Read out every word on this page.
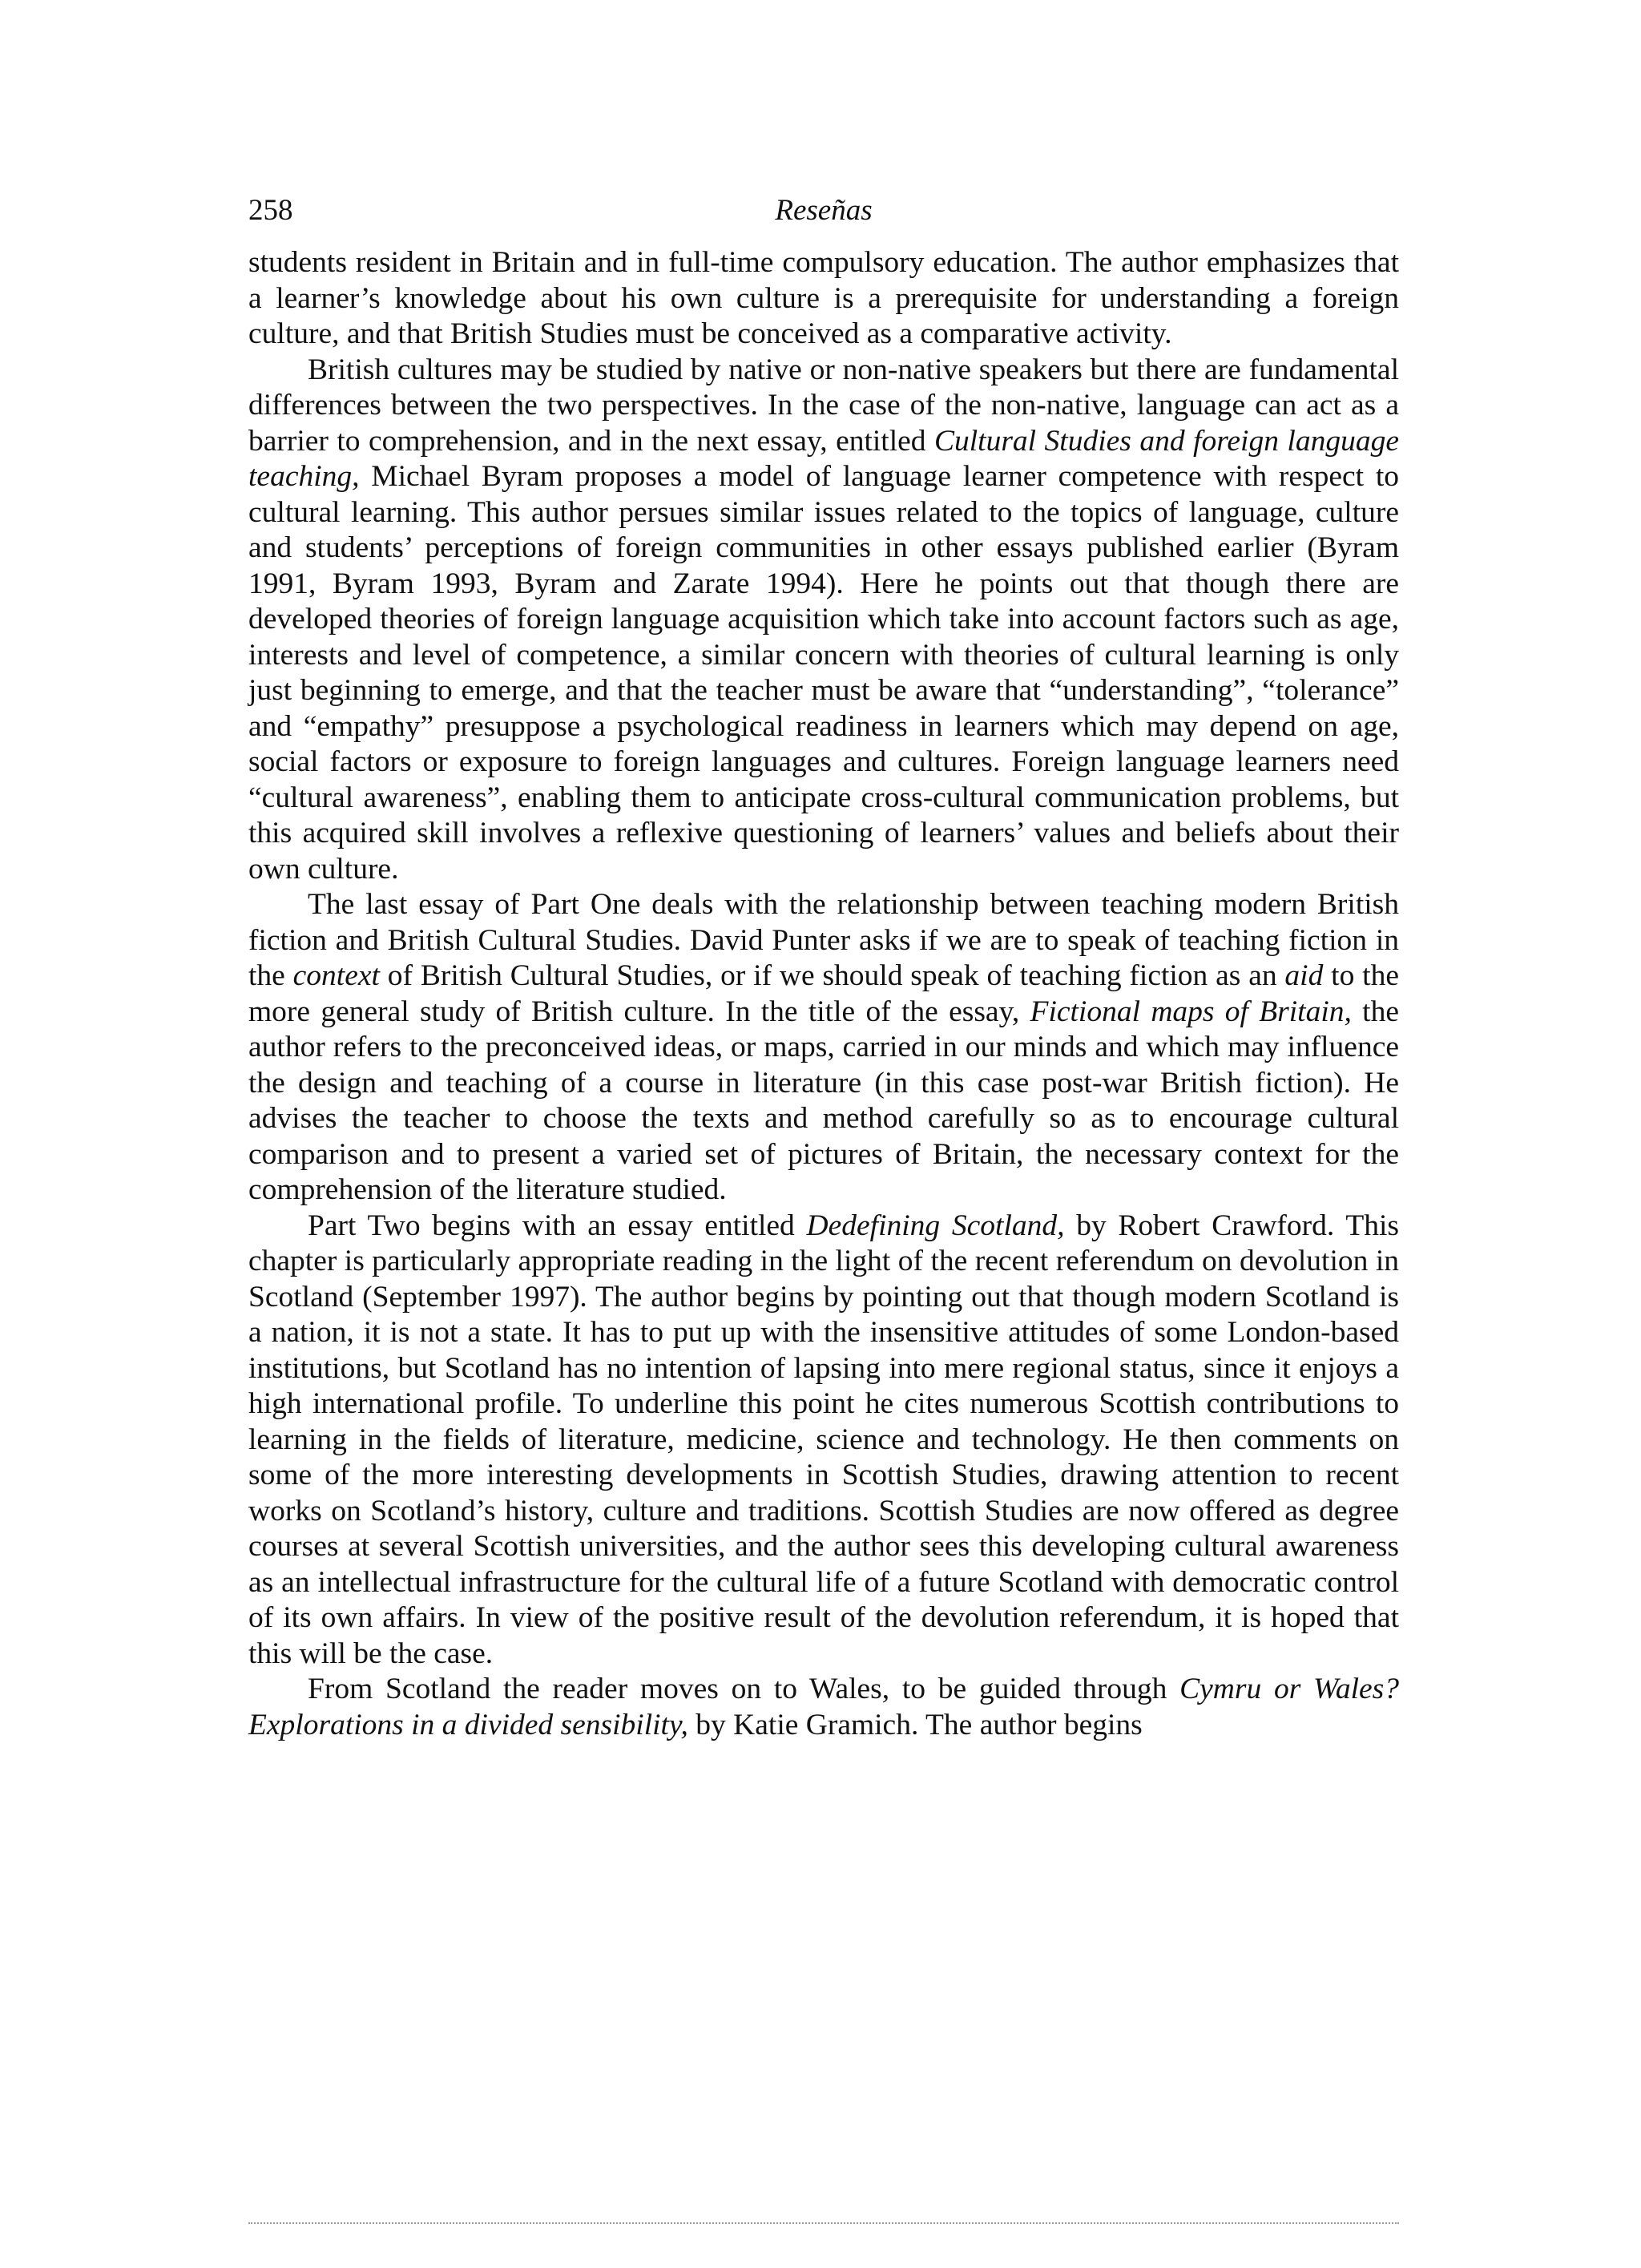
258	Reseñas

students resident in Britain and in full-time compulsory education. The author emphasizes that a learner’s knowledge about his own culture is a prerequisite for understanding a foreign culture, and that British Studies must be conceived as a comparative activity.

British cultures may be studied by native or non-native speakers but there are fundamental differences between the two perspectives. In the case of the non-native, language can act as a barrier to comprehension, and in the next essay, entitled Cultural Studies and foreign language teaching, Michael Byram proposes a model of language learner competence with respect to cultural learning. This author persues similar issues related to the topics of language, culture and students’ perceptions of foreign communities in other essays published earlier (Byram 1991, Byram 1993, Byram and Zarate 1994). Here he points out that though there are developed theories of foreign language acquisition which take into account factors such as age, interests and level of competence, a similar concern with theories of cultural learning is only just beginning to emerge, and that the teacher must be aware that “understanding”, “tolerance” and “empathy” presuppose a psychological readiness in learners which may depend on age, social factors or exposure to foreign languages and cultures. Foreign language learners need “cultural awareness”, enabling them to anticipate cross-cultural communication problems, but this acquired skill involves a reflexive questioning of learners’ values and beliefs about their own culture.

The last essay of Part One deals with the relationship between teaching modern British fiction and British Cultural Studies. David Punter asks if we are to speak of teaching fiction in the context of British Cultural Studies, or if we should speak of teaching fiction as an aid to the more general study of British culture. In the title of the essay, Fictional maps of Britain, the author refers to the preconceived ideas, or maps, carried in our minds and which may influence the design and teaching of a course in literature (in this case post-war British fiction). He advises the teacher to choose the texts and method carefully so as to encourage cultural comparison and to present a varied set of pictures of Britain, the necessary context for the comprehension of the literature studied.

Part Two begins with an essay entitled Dedefining Scotland, by Robert Crawford. This chapter is particularly appropriate reading in the light of the recent referendum on devolution in Scotland (September 1997). The author begins by pointing out that though modern Scotland is a nation, it is not a state. It has to put up with the insensitive attitudes of some London-based institutions, but Scotland has no intention of lapsing into mere regional status, since it enjoys a high international profile. To underline this point he cites numerous Scottish contributions to learning in the fields of literature, medicine, science and technology. He then comments on some of the more interesting developments in Scottish Studies, drawing attention to recent works on Scotland’s history, culture and traditions. Scottish Studies are now offered as degree courses at several Scottish universities, and the author sees this developing cultural awareness as an intellectual infrastructure for the cultural life of a future Scotland with democratic control of its own affairs. In view of the positive result of the devolution referendum, it is hoped that this will be the case.

From Scotland the reader moves on to Wales, to be guided through Cymru or Wales? Explorations in a divided sensibility, by Katie Gramich. The author begins
